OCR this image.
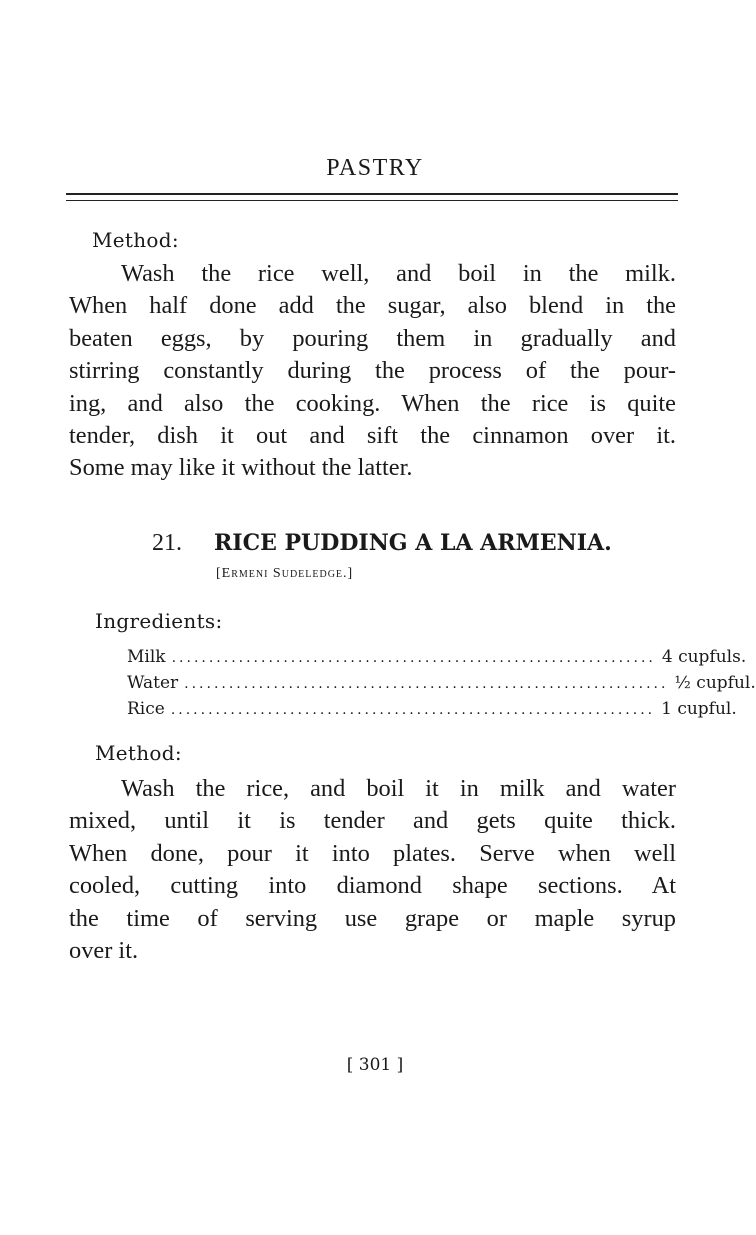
PASTRY
Method:

Wash the rice well, and boil in the milk.
When half done add the sugar, also blend in the
beaten eggs, by pouring them in gradually and
stirring constantly during the process of the pour-
ing, and also the cooking. When the rice is quite
tender, dish it out and sift the cinnamon over it.
Some may like it without the latter.

21. RICE PUDDING A LA ARMENIA.
[Ermeni Sudeledge.]
Ingredients:
Milk ................................................................. 4 cupfuls.
Water ................................................................. ½ cupful.
Rice ................................................................. 1 cupful.
Method:

Wash the rice, and boil it in milk and water
mixed, until it is tender and gets quite thick.
When done, pour it into plates. Serve when well
cooled, cutting into diamond shape sections. At
the time of serving use grape or maple syrup
over it.

[ 301 ]
